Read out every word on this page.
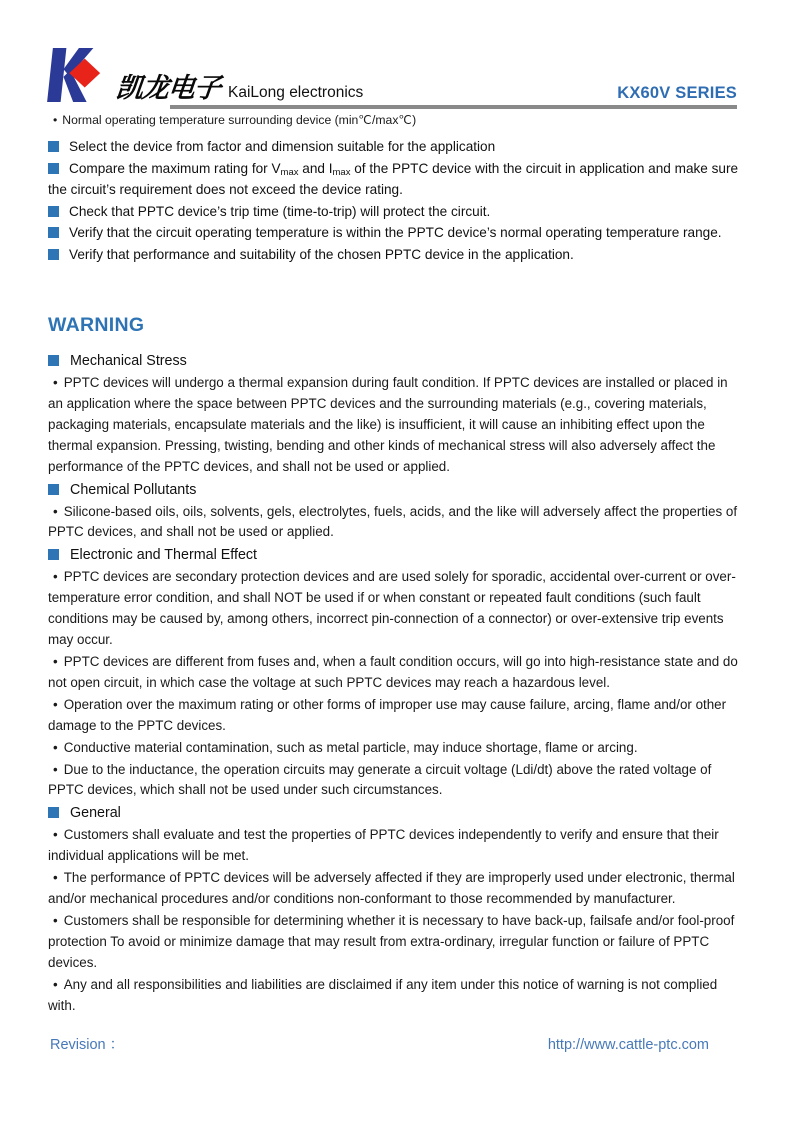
凯龙电子 KaiLong electronics	KX60V SERIES
• Normal operating temperature surrounding device (min℃/max℃)
Select the device from factor and dimension suitable for the application
Compare the maximum rating for $V_{max}$ and $I_{max}$ of the PPTC device with the circuit in application and make sure the circuit’s requirement does not exceed the device rating.
Check that PPTC device’s trip time (time-to-trip) will protect the circuit.
Verify that the circuit operating temperature is within the PPTC device’s normal operating temperature range.
Verify that performance and suitability of the chosen PPTC device in the application.
WARNING
Mechanical Stress
• PPTC devices will undergo a thermal expansion during fault condition. If PPTC devices are installed or placed in an application where the space between PPTC devices and the surrounding materials (e.g., covering materials, packaging materials, encapsulate materials and the like) is insufficient, it will cause an inhibiting effect upon the thermal expansion. Pressing, twisting, bending and other kinds of mechanical stress will also adversely affect the performance of the PPTC devices, and shall not be used or applied.
Chemical Pollutants
• Silicone-based oils, oils, solvents, gels, electrolytes, fuels, acids, and the like will adversely affect the properties of PPTC devices, and shall not be used or applied.
Electronic and Thermal Effect
• PPTC devices are secondary protection devices and are used solely for sporadic, accidental over-current or over-temperature error condition, and shall NOT be used if or when constant or repeated fault conditions (such fault conditions may be caused by, among others, incorrect pin-connection of a connector) or over-extensive trip events may occur.
• PPTC devices are different from fuses and, when a fault condition occurs, will go into high-resistance state and do not open circuit, in which case the voltage at such PPTC devices may reach a hazardous level.
• Operation over the maximum rating or other forms of improper use may cause failure, arcing, flame and/or other damage to the PPTC devices.
• Conductive material contamination, such as metal particle, may induce shortage, flame or arcing.
• Due to the inductance, the operation circuits may generate a circuit voltage (Ldi/dt) above the rated voltage of PPTC devices, which shall not be used under such circumstances.
General
• Customers shall evaluate and test the properties of PPTC devices independently to verify and ensure that their individual applications will be met.
• The performance of PPTC devices will be adversely affected if they are improperly used under electronic, thermal and/or mechanical procedures and/or conditions non-conformant to those recommended by manufacturer.
• Customers shall be responsible for determining whether it is necessary to have back-up, failsafe and/or fool-proof protection To avoid or minimize damage that may result from extra-ordinary, irregular function or failure of PPTC devices.
• Any and all responsibilities and liabilities are disclaimed if any item under this notice of warning is not complied with.
Revision ：	http://www.cattle-ptc.com
